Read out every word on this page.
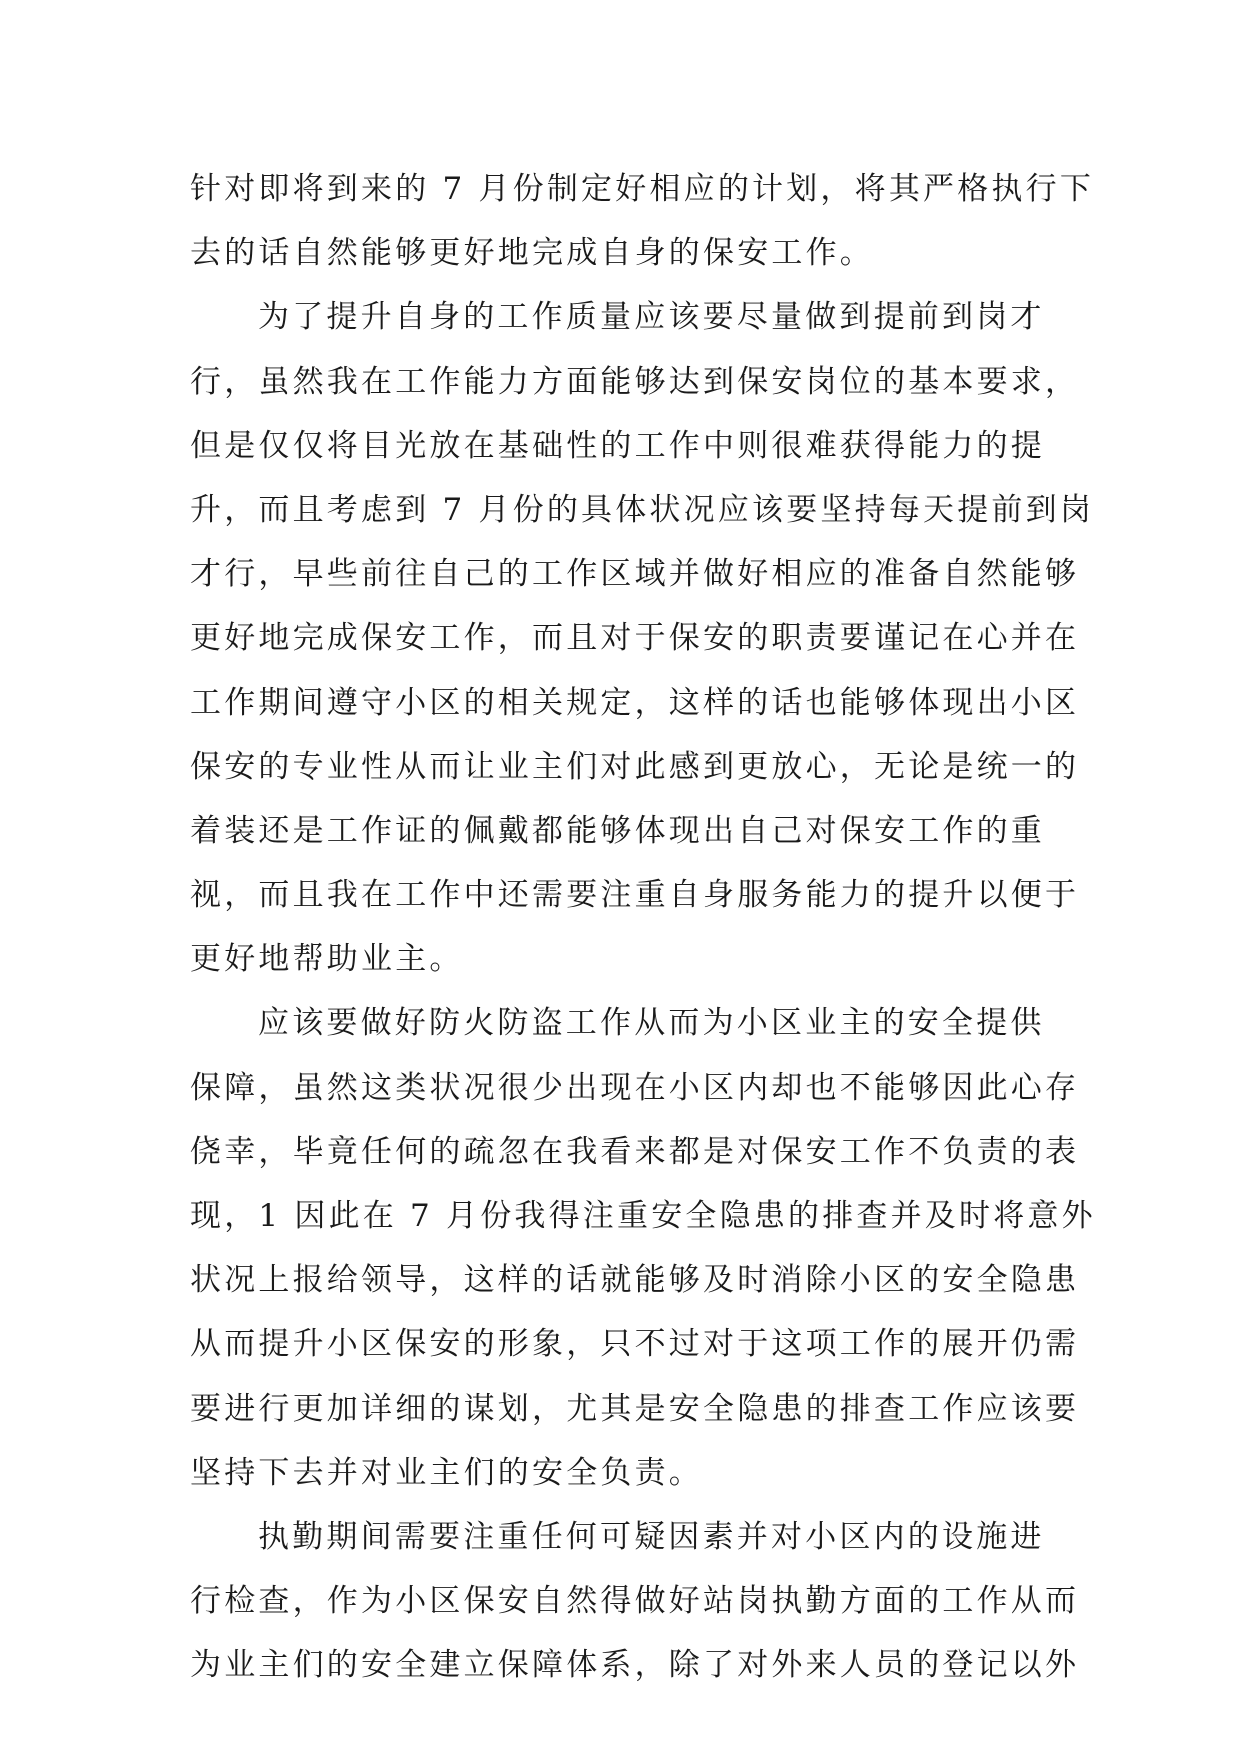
针对即将到来的 7 月份制定好相应的计划，将其严格执行下
去的话自然能够更好地完成自身的保安工作。
为了提升自身的工作质量应该要尽量做到提前到岗才
行，虽然我在工作能力方面能够达到保安岗位的基本要求，
但是仅仅将目光放在基础性的工作中则很难获得能力的提
升，而且考虑到 7 月份的具体状况应该要坚持每天提前到岗
才行，早些前往自己的工作区域并做好相应的准备自然能够
更好地完成保安工作，而且对于保安的职责要谨记在心并在
工作期间遵守小区的相关规定，这样的话也能够体现出小区
保安的专业性从而让业主们对此感到更放心，无论是统一的
着装还是工作证的佩戴都能够体现出自己对保安工作的重
视，而且我在工作中还需要注重自身服务能力的提升以便于
更好地帮助业主。
应该要做好防火防盗工作从而为小区业主的安全提供
保障，虽然这类状况很少出现在小区内却也不能够因此心存
侥幸，毕竟任何的疏忽在我看来都是对保安工作不负责的表
现，1 因此在 7 月份我得注重安全隐患的排查并及时将意外
状况上报给领导，这样的话就能够及时消除小区的安全隐患
从而提升小区保安的形象，只不过对于这项工作的展开仍需
要进行更加详细的谋划，尤其是安全隐患的排查工作应该要
坚持下去并对业主们的安全负责。
执勤期间需要注重任何可疑因素并对小区内的设施进
行检查，作为小区保安自然得做好站岗执勤方面的工作从而
为业主们的安全建立保障体系，除了对外来人员的登记以外
